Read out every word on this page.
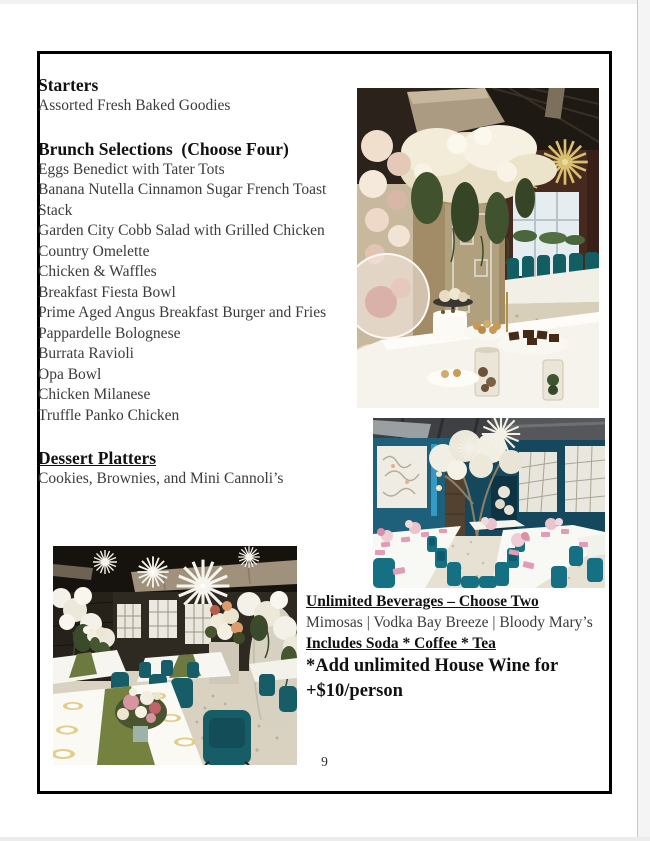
Starters
Assorted Fresh Baked Goodies
Brunch Selections  (Choose Four)
Eggs Benedict with Tater Tots
Banana Nutella Cinnamon Sugar French Toast Stack
Garden City Cobb Salad with Grilled Chicken
Country Omelette
Chicken & Waffles
Breakfast Fiesta Bowl
Prime Aged Angus Breakfast Burger and Fries
Pappardelle Bolognese
Burrata Ravioli
Opa Bowl
Chicken Milanese
Truffle Panko Chicken
Dessert Platters
Cookies, Brownies, and Mini Cannoli’s
Unlimited Beverages – Choose Two
Mimosas | Vodka Bay Breeze | Bloody Mary’s
Includes Soda * Coffee * Tea
*Add unlimited House Wine for +$10/person
9
